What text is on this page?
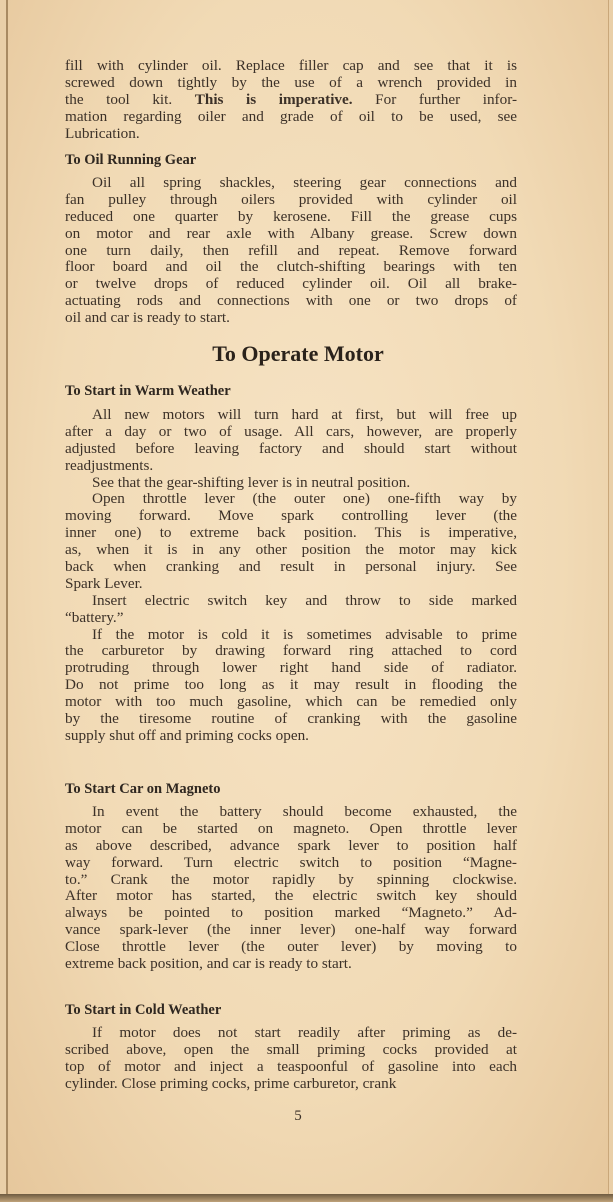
fill with cylinder oil. Replace filler cap and see that it is
screwed down tightly by the use of a wrench provided in
the tool kit. This is imperative. For further infor-
mation regarding oiler and grade of oil to be used, see
Lubrication.
To Oil Running Gear
Oil all spring shackles, steering gear connections and
fan pulley through oilers provided with cylinder oil
reduced one quarter by kerosene. Fill the grease cups
on motor and rear axle with Albany grease. Screw down
one turn daily, then refill and repeat. Remove forward
floor board and oil the clutch-shifting bearings with ten
or twelve drops of reduced cylinder oil. Oil all brake-
actuating rods and connections with one or two drops of
oil and car is ready to start.
To Operate Motor
To Start in Warm Weather
All new motors will turn hard at first, but will free up
after a day or two of usage. All cars, however, are properly
adjusted before leaving factory and should start without
readjustments.
See that the gear-shifting lever is in neutral position.
Open throttle lever (the outer one) one-fifth way by
moving forward. Move spark controlling lever (the
inner one) to extreme back position. This is imperative,
as, when it is in any other position the motor may kick
back when cranking and result in personal injury. See
Spark Lever.
Insert electric switch key and throw to side marked
“battery.”
If the motor is cold it is sometimes advisable to prime
the carburetor by drawing forward ring attached to cord
protruding through lower right hand side of radiator.
Do not prime too long as it may result in flooding the
motor with too much gasoline, which can be remedied only
by the tiresome routine of cranking with the gasoline
supply shut off and priming cocks open.
To Start Car on Magneto
In event the battery should become exhausted, the
motor can be started on magneto. Open throttle lever
as above described, advance spark lever to position half
way forward. Turn electric switch to position “Magne-
to.” Crank the motor rapidly by spinning clockwise.
After motor has started, the electric switch key should
always be pointed to position marked “Magneto.” Ad-
vance spark-lever (the inner lever) one-half way forward
Close throttle lever (the outer lever) by moving to
extreme back position, and car is ready to start.
To Start in Cold Weather
If motor does not start readily after priming as de-
scribed above, open the small priming cocks provided at
top of motor and inject a teaspoonful of gasoline into each
cylinder. Close priming cocks, prime carburetor, crank
5
